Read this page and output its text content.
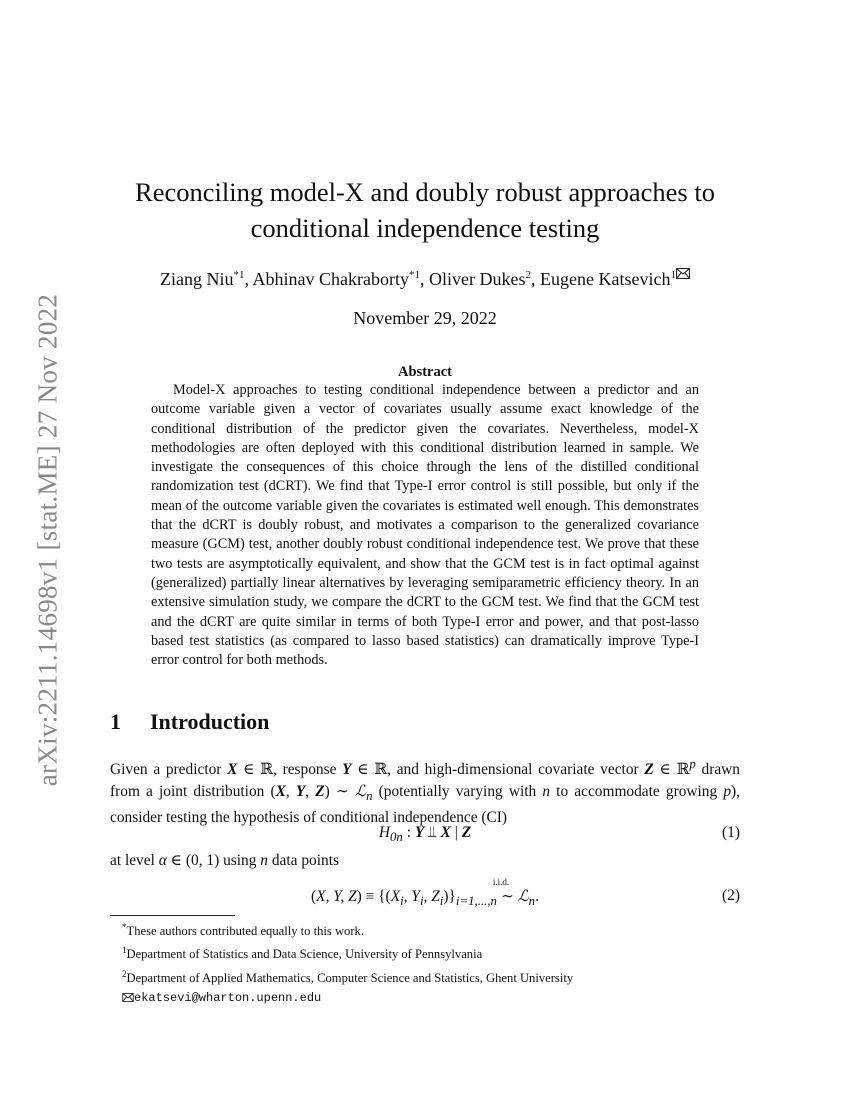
arXiv:2211.14698v1 [stat.ME] 27 Nov 2022
Reconciling model-X and doubly robust approaches to
conditional independence testing
Ziang Niu$^{*1}$, Abhinav Chakraborty$^{*1}$, Oliver Dukes$^2$, Eugene Katsevich$^1$
November 29, 2022
Abstract
Model-X approaches to testing conditional independence between a predictor and an outcome variable given a vector of covariates usually assume exact knowledge of the conditional distribution of the predictor given the covariates. Nevertheless, model-X methodologies are often deployed with this conditional distribution learned in sample. We investigate the consequences of this choice through the lens of the distilled conditional randomization test (dCRT). We find that Type-I error control is still possible, but only if the mean of the outcome variable given the covariates is estimated well enough. This demonstrates that the dCRT is doubly robust, and motivates a comparison to the generalized covariance measure (GCM) test, another doubly robust conditional independence test. We prove that these two tests are asymptotically equivalent, and show that the GCM test is in fact optimal against (generalized) partially linear alternatives by leveraging semiparametric efficiency theory. In an extensive simulation study, we compare the dCRT to the GCM test. We find that the GCM test and the dCRT are quite similar in terms of both Type-I error and power, and that post-lasso based test statistics (as compared to lasso based statistics) can dramatically improve Type-I error control for both methods.
1 Introduction
Given a predictor X ∈ ℝ, response Y ∈ ℝ, and high-dimensional covariate vector Z ∈ ℝ$^p$ drawn from a joint distribution (X, Y, Z) ∼ ℒ$_n$ (potentially varying with n to accommodate growing p), consider testing the hypothesis of conditional independence (CI)
$H_{0n}$ : Y ⫫ X | Z	(1)
at level α ∈ (0, 1) using n data points
(X, Y, $Z) \equiv \{(X_i$, $Y_i$, $Z_i)\}_{i=1,...,n}$
i.i.d.
∼ ℒ$_n$.	(2)
*These authors contributed equally to this work.
$^1$Department of Statistics and Data Science, University of Pennsylvania
$^2$Department of Applied Mathematics, Computer Science and Statistics, Ghent University
ekatsevi@wharton.upenn.edu
